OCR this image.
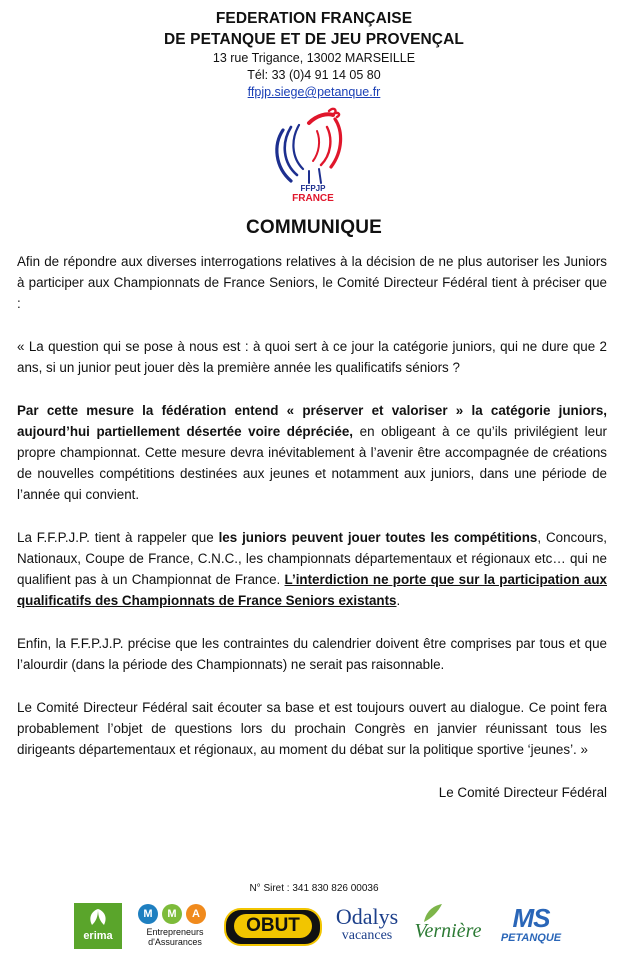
FEDERATION FRANÇAISE
DE PETANQUE ET DE JEU PROVENÇAL
13 rue Trigance, 13002 MARSEILLE
Tél: 33 (0)4 91 14 05 80
ffpjp.siege@petanque.fr
FFPJP
FRANCE
COMMUNIQUE

Afin de répondre aux diverses interrogations relatives à la décision de ne plus autoriser les Juniors à participer aux Championnats de France Seniors, le Comité Directeur Fédéral tient à préciser que :

« La question qui se pose à nous est : à quoi sert à ce jour la catégorie juniors, qui ne dure que 2 ans, si un junior peut jouer dès la première année les qualificatifs séniors ?

Par cette mesure la fédération entend « préserver et valoriser » la catégorie juniors, aujourd’hui partiellement désertée voire dépréciée, en obligeant à ce qu’ils privilégient leur propre championnat. Cette mesure devra inévitablement à l’avenir être accompagnée de créations de nouvelles compétitions destinées aux jeunes et notamment aux juniors, dans une période de l’année qui convient.

La F.F.P.J.P. tient à rappeler que les juniors peuvent jouer toutes les compétitions, Concours, Nationaux, Coupe de France, C.N.C., les championnats départementaux et régionaux etc… qui ne qualifient pas à un Championnat de France. L’interdiction ne porte que sur la participation aux qualificatifs des Championnats de France Seniors existants.

Enfin, la F.F.P.J.P. précise que les contraintes du calendrier doivent être comprises par tous et que l’alourdir (dans la période des Championnats) ne serait pas raisonnable.

Le Comité Directeur Fédéral sait écouter sa base et est toujours ouvert au dialogue. Ce point fera probablement l’objet de questions lors du prochain Congrès en janvier réunissant tous les dirigeants départementaux et régionaux, au moment du débat sur la politique sportive ‘jeunes’. »

Le Comité Directeur Fédéral

N° Siret : 341 830 826 00036
erima
M	M	A
Entrepreneurs
d'Assurances
OBUT	Odalys
vacances	Vernière	MS
PETANQUE
